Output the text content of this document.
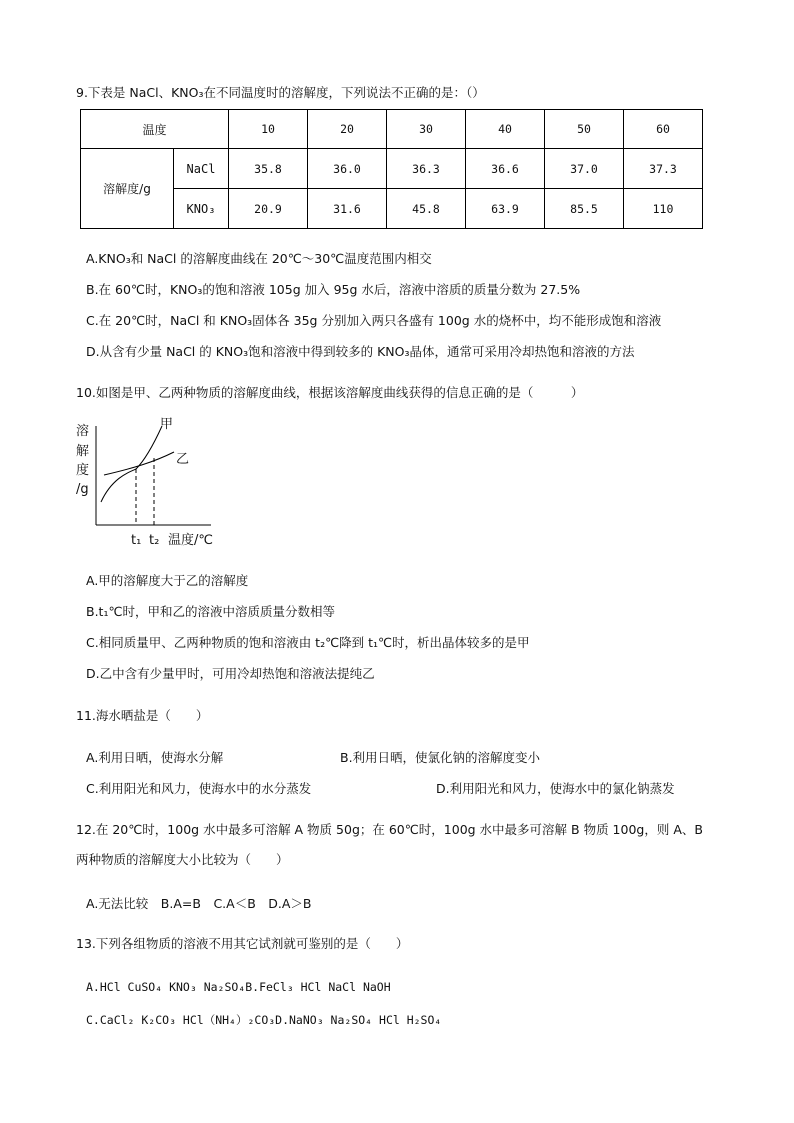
9.下表是 NaCl、KNO₃在不同温度时的溶解度，下列说法不正确的是：（）
温度		10	20	30	40	50	60
溶解度/g	NaCl	35.8	36.0	36.3	36.6	37.0	37.3
	KNO₃	20.9	31.6	45.8	63.9	85.5	110
A.KNO₃和 NaCl 的溶解度曲线在 20℃～30℃温度范围内相交
B.在 60℃时，KNO₃的饱和溶液 105g 加入 95g 水后，溶液中溶质的质量分数为 27.5%
C.在 20℃时，NaCl 和 KNO₃固体各 35g 分别加入两只各盛有 100g 水的烧杯中，均不能形成饱和溶液
D.从含有少量 NaCl 的 KNO₃饱和溶液中得到较多的 KNO₃晶体，通常可采用冷却热饱和溶液的方法
10.如图是甲、乙两种物质的溶解度曲线，根据该溶解度曲线获得的信息正确的是（　　　）
溶
解
度
/g
甲
乙
t₁ t₂ 温度/℃
A.甲的溶解度大于乙的溶解度
B.t₁℃时，甲和乙的溶液中溶质质量分数相等
C.相同质量甲、乙两种物质的饱和溶液由 t₂℃降到 t₁℃时，析出晶体较多的是甲
D.乙中含有少量甲时，可用冷却热饱和溶液法提纯乙
11.海水晒盐是（　　）
A.利用日晒，使海水分解	B.利用日晒，使氯化钠的溶解度变小
C.利用阳光和风力，使海水中的水分蒸发	D.利用阳光和风力，使海水中的氯化钠蒸发
12.在 20℃时，100g 水中最多可溶解 A 物质 50g；在 60℃时，100g 水中最多可溶解 B 物质 100g，则 A、B
两种物质的溶解度大小比较为（　　）
A.无法比较　B.A=B　C.A＜B　D.A＞B
13.下列各组物质的溶液不用其它试剂就可鉴别的是（　　）
A.HCl CuSO₄ KNO₃ Na₂SO₄B.FeCl₃ HCl NaCl NaOH
C.CaCl₂ K₂CO₃ HCl（NH₄）₂CO₃D.NaNO₃ Na₂SO₄ HCl H₂SO₄
